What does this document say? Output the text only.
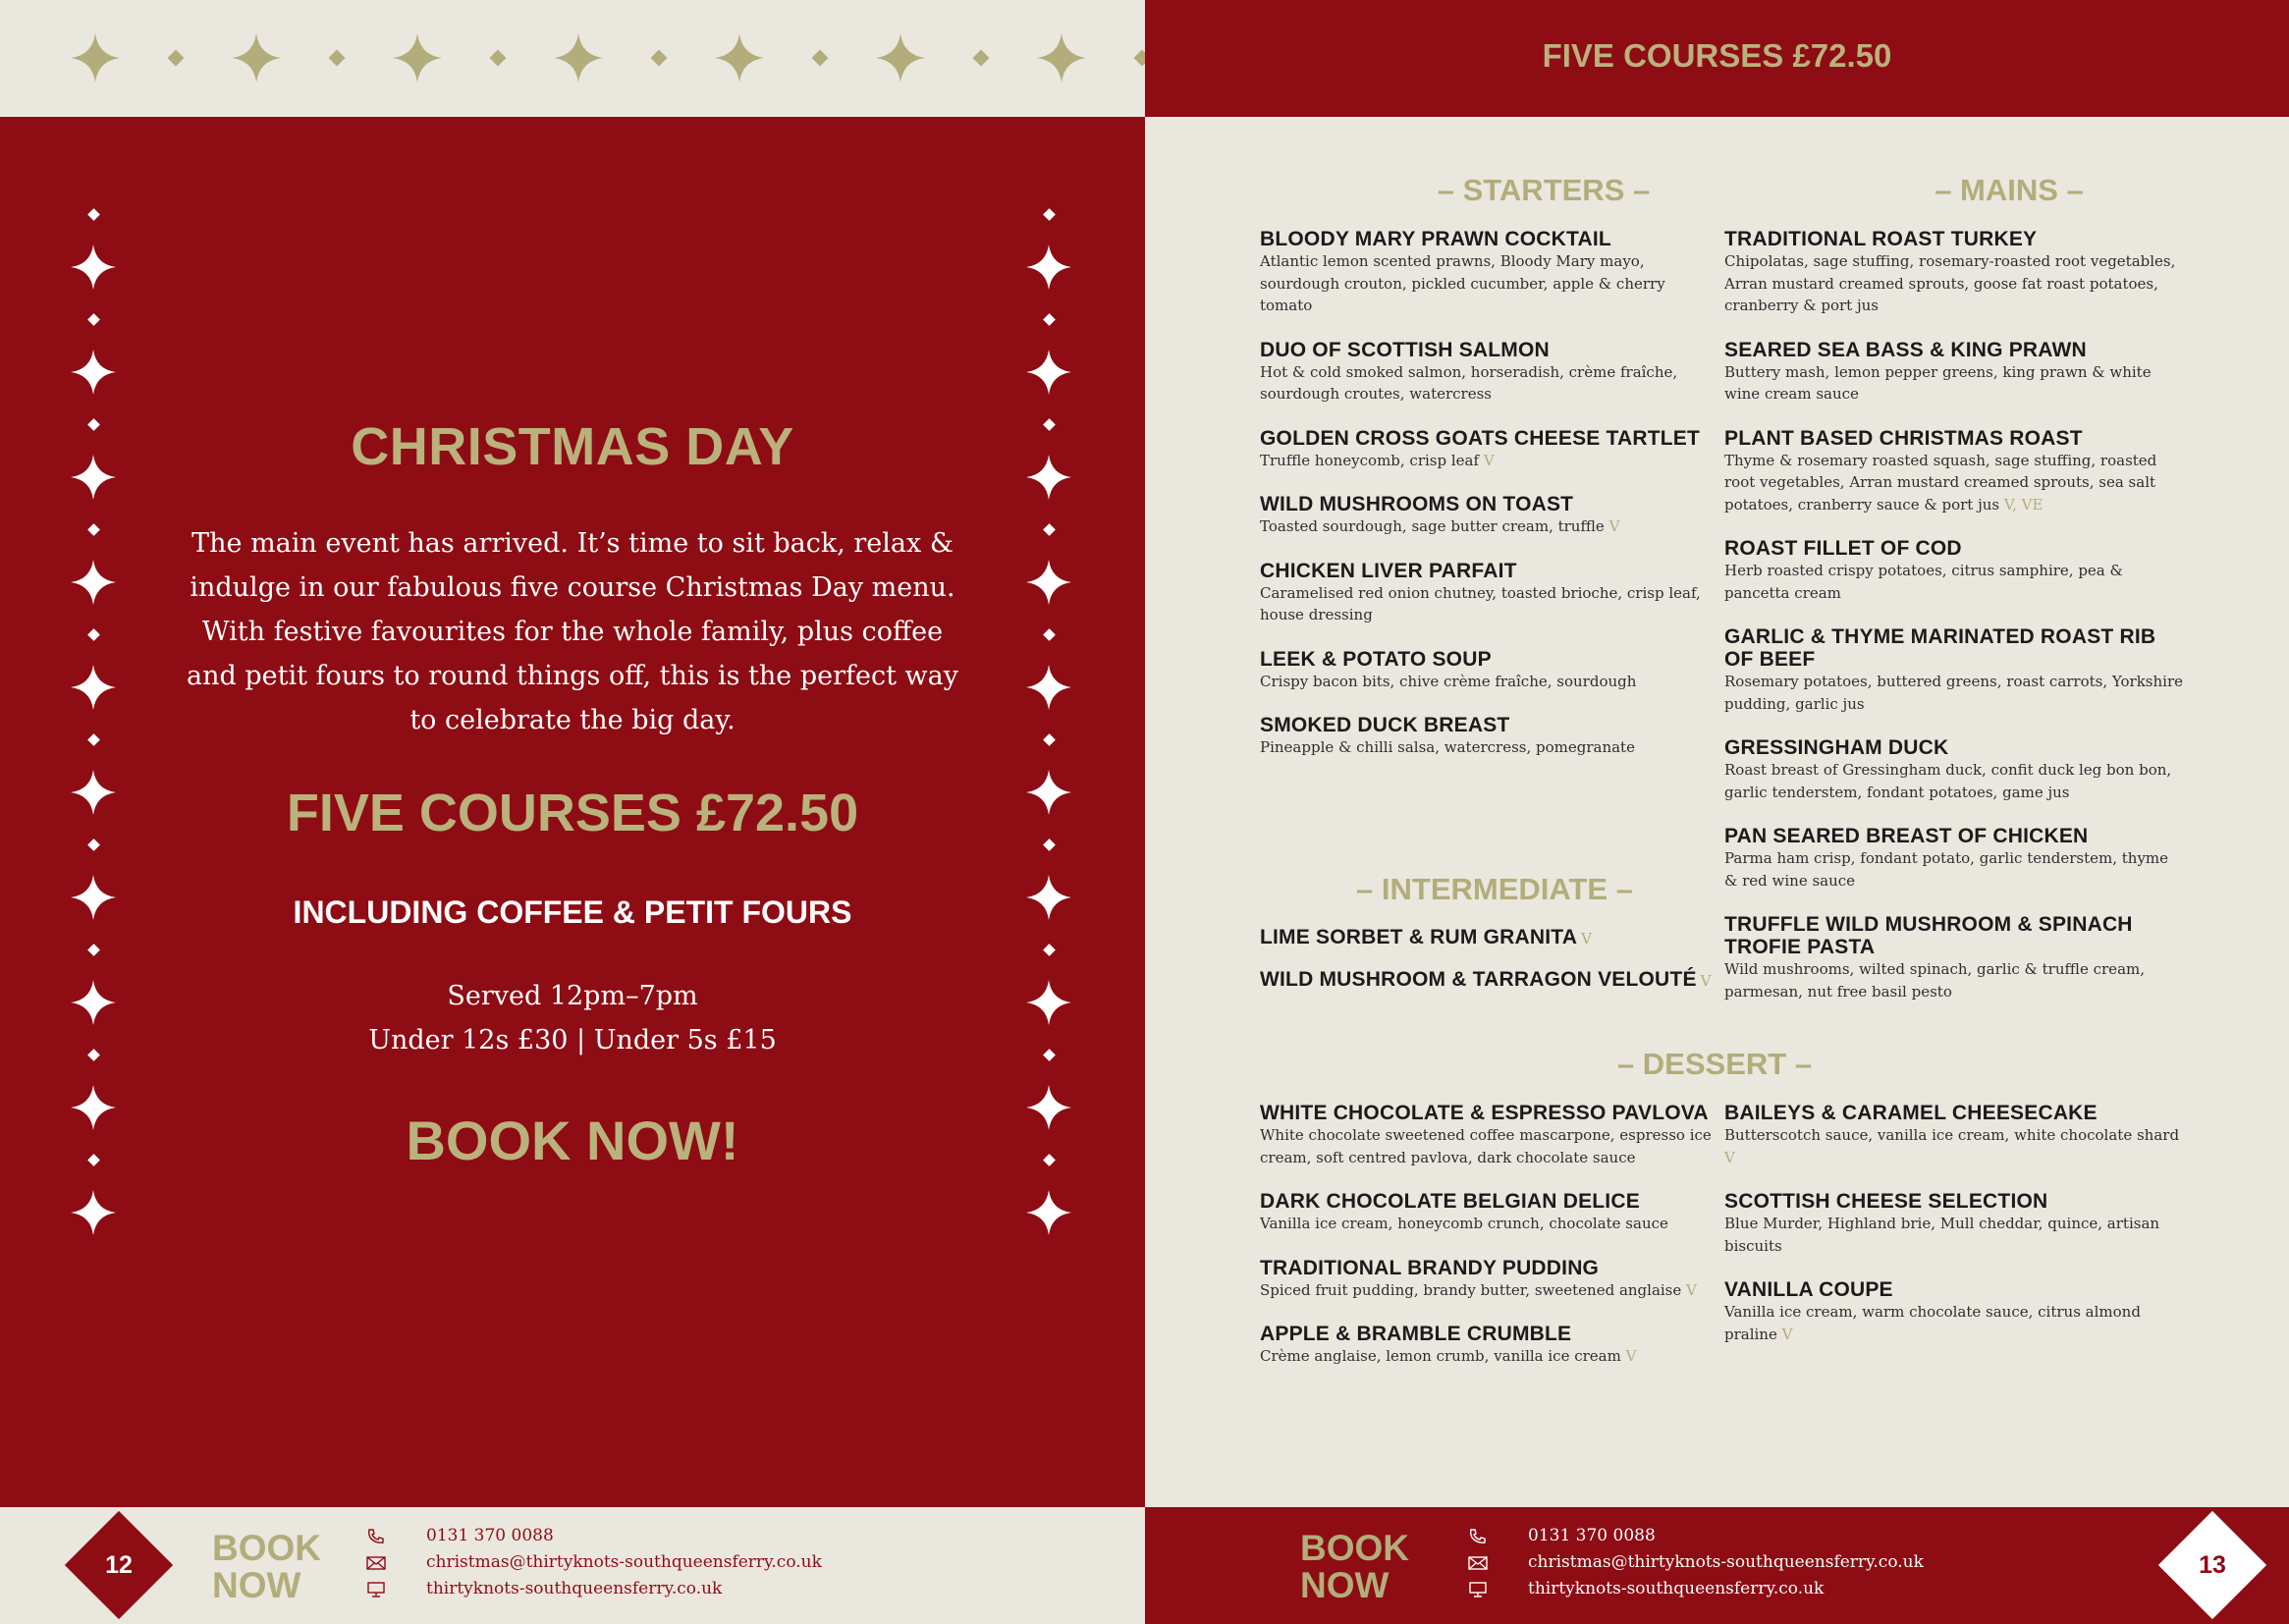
CHRISTMAS DAY
The main event has arrived. It’s time to sit back, relax & indulge in our fabulous five course Christmas Day menu. With festive favourites for the whole family, plus coffee and petit fours to round things off, this is the perfect way to celebrate the big day.
FIVE COURSES £72.50
INCLUDING COFFEE & PETIT FOURS
Served 12pm–7pm
Under 12s £30 | Under 5s £15
BOOK NOW!
12	BOOK
NOW
0131 370 0088
christmas@thirtyknots-southqueensferry.co.uk
thirtyknots-southqueensferry.co.uk
FIVE COURSES £72.50
– STARTERS –	– MAINS –
BLOODY MARY PRAWN COCKTAIL
Atlantic lemon scented prawns, Bloody Mary mayo, sourdough crouton, pickled cucumber, apple & cherry tomato
DUO OF SCOTTISH SALMON
Hot & cold smoked salmon, horseradish, crème fraîche, sourdough croutes, watercress
GOLDEN CROSS GOATS CHEESE TARTLET
Truffle honeycomb, crisp leaf V
WILD MUSHROOMS ON TOAST
Toasted sourdough, sage butter cream, truffle V
CHICKEN LIVER PARFAIT
Caramelised red onion chutney, toasted brioche, crisp leaf, house dressing
LEEK & POTATO SOUP
Crispy bacon bits, chive crème fraîche, sourdough
SMOKED DUCK BREAST
Pineapple & chilli salsa, watercress, pomegranate
TRADITIONAL ROAST TURKEY
Chipolatas, sage stuffing, rosemary-roasted root vegetables, Arran mustard creamed sprouts, goose fat roast potatoes, cranberry & port jus
SEARED SEA BASS & KING PRAWN
Buttery mash, lemon pepper greens, king prawn & white wine cream sauce
PLANT BASED CHRISTMAS ROAST
Thyme & rosemary roasted squash, sage stuffing, roasted root vegetables, Arran mustard creamed sprouts, sea salt potatoes, cranberry sauce & port jus V, VE
ROAST FILLET OF COD
Herb roasted crispy potatoes, citrus samphire, pea & pancetta cream
GARLIC & THYME MARINATED ROAST RIB OF BEEF
Rosemary potatoes, buttered greens, roast carrots, Yorkshire pudding, garlic jus
GRESSINGHAM DUCK
Roast breast of Gressingham duck, confit duck leg bon bon, garlic tenderstem, fondant potatoes, game jus
PAN SEARED BREAST OF CHICKEN
Parma ham crisp, fondant potato, garlic tenderstem, thyme & red wine sauce
TRUFFLE WILD MUSHROOM & SPINACH TROFIE PASTA
Wild mushrooms, wilted spinach, garlic & truffle cream, parmesan, nut free basil pesto
– INTERMEDIATE –
LIME SORBET & RUM GRANITA V
WILD MUSHROOM & TARRAGON VELOUTÉ V
– DESSERT –
WHITE CHOCOLATE & ESPRESSO PAVLOVA
White chocolate sweetened coffee mascarpone, espresso ice cream, soft centred pavlova, dark chocolate sauce
DARK CHOCOLATE BELGIAN DELICE
Vanilla ice cream, honeycomb crunch, chocolate sauce
TRADITIONAL BRANDY PUDDING
Spiced fruit pudding, brandy butter, sweetened anglaise V
APPLE & BRAMBLE CRUMBLE
Crème anglaise, lemon crumb, vanilla ice cream V
BAILEYS & CARAMEL CHEESECAKE
Butterscotch sauce, vanilla ice cream, white chocolate shard V
SCOTTISH CHEESE SELECTION
Blue Murder, Highland brie, Mull cheddar, quince, artisan biscuits
VANILLA COUPE
Vanilla ice cream, warm chocolate sauce, citrus almond praline V
BOOK
NOW
0131 370 0088
christmas@thirtyknots-southqueensferry.co.uk
thirtyknots-southqueensferry.co.uk
13
